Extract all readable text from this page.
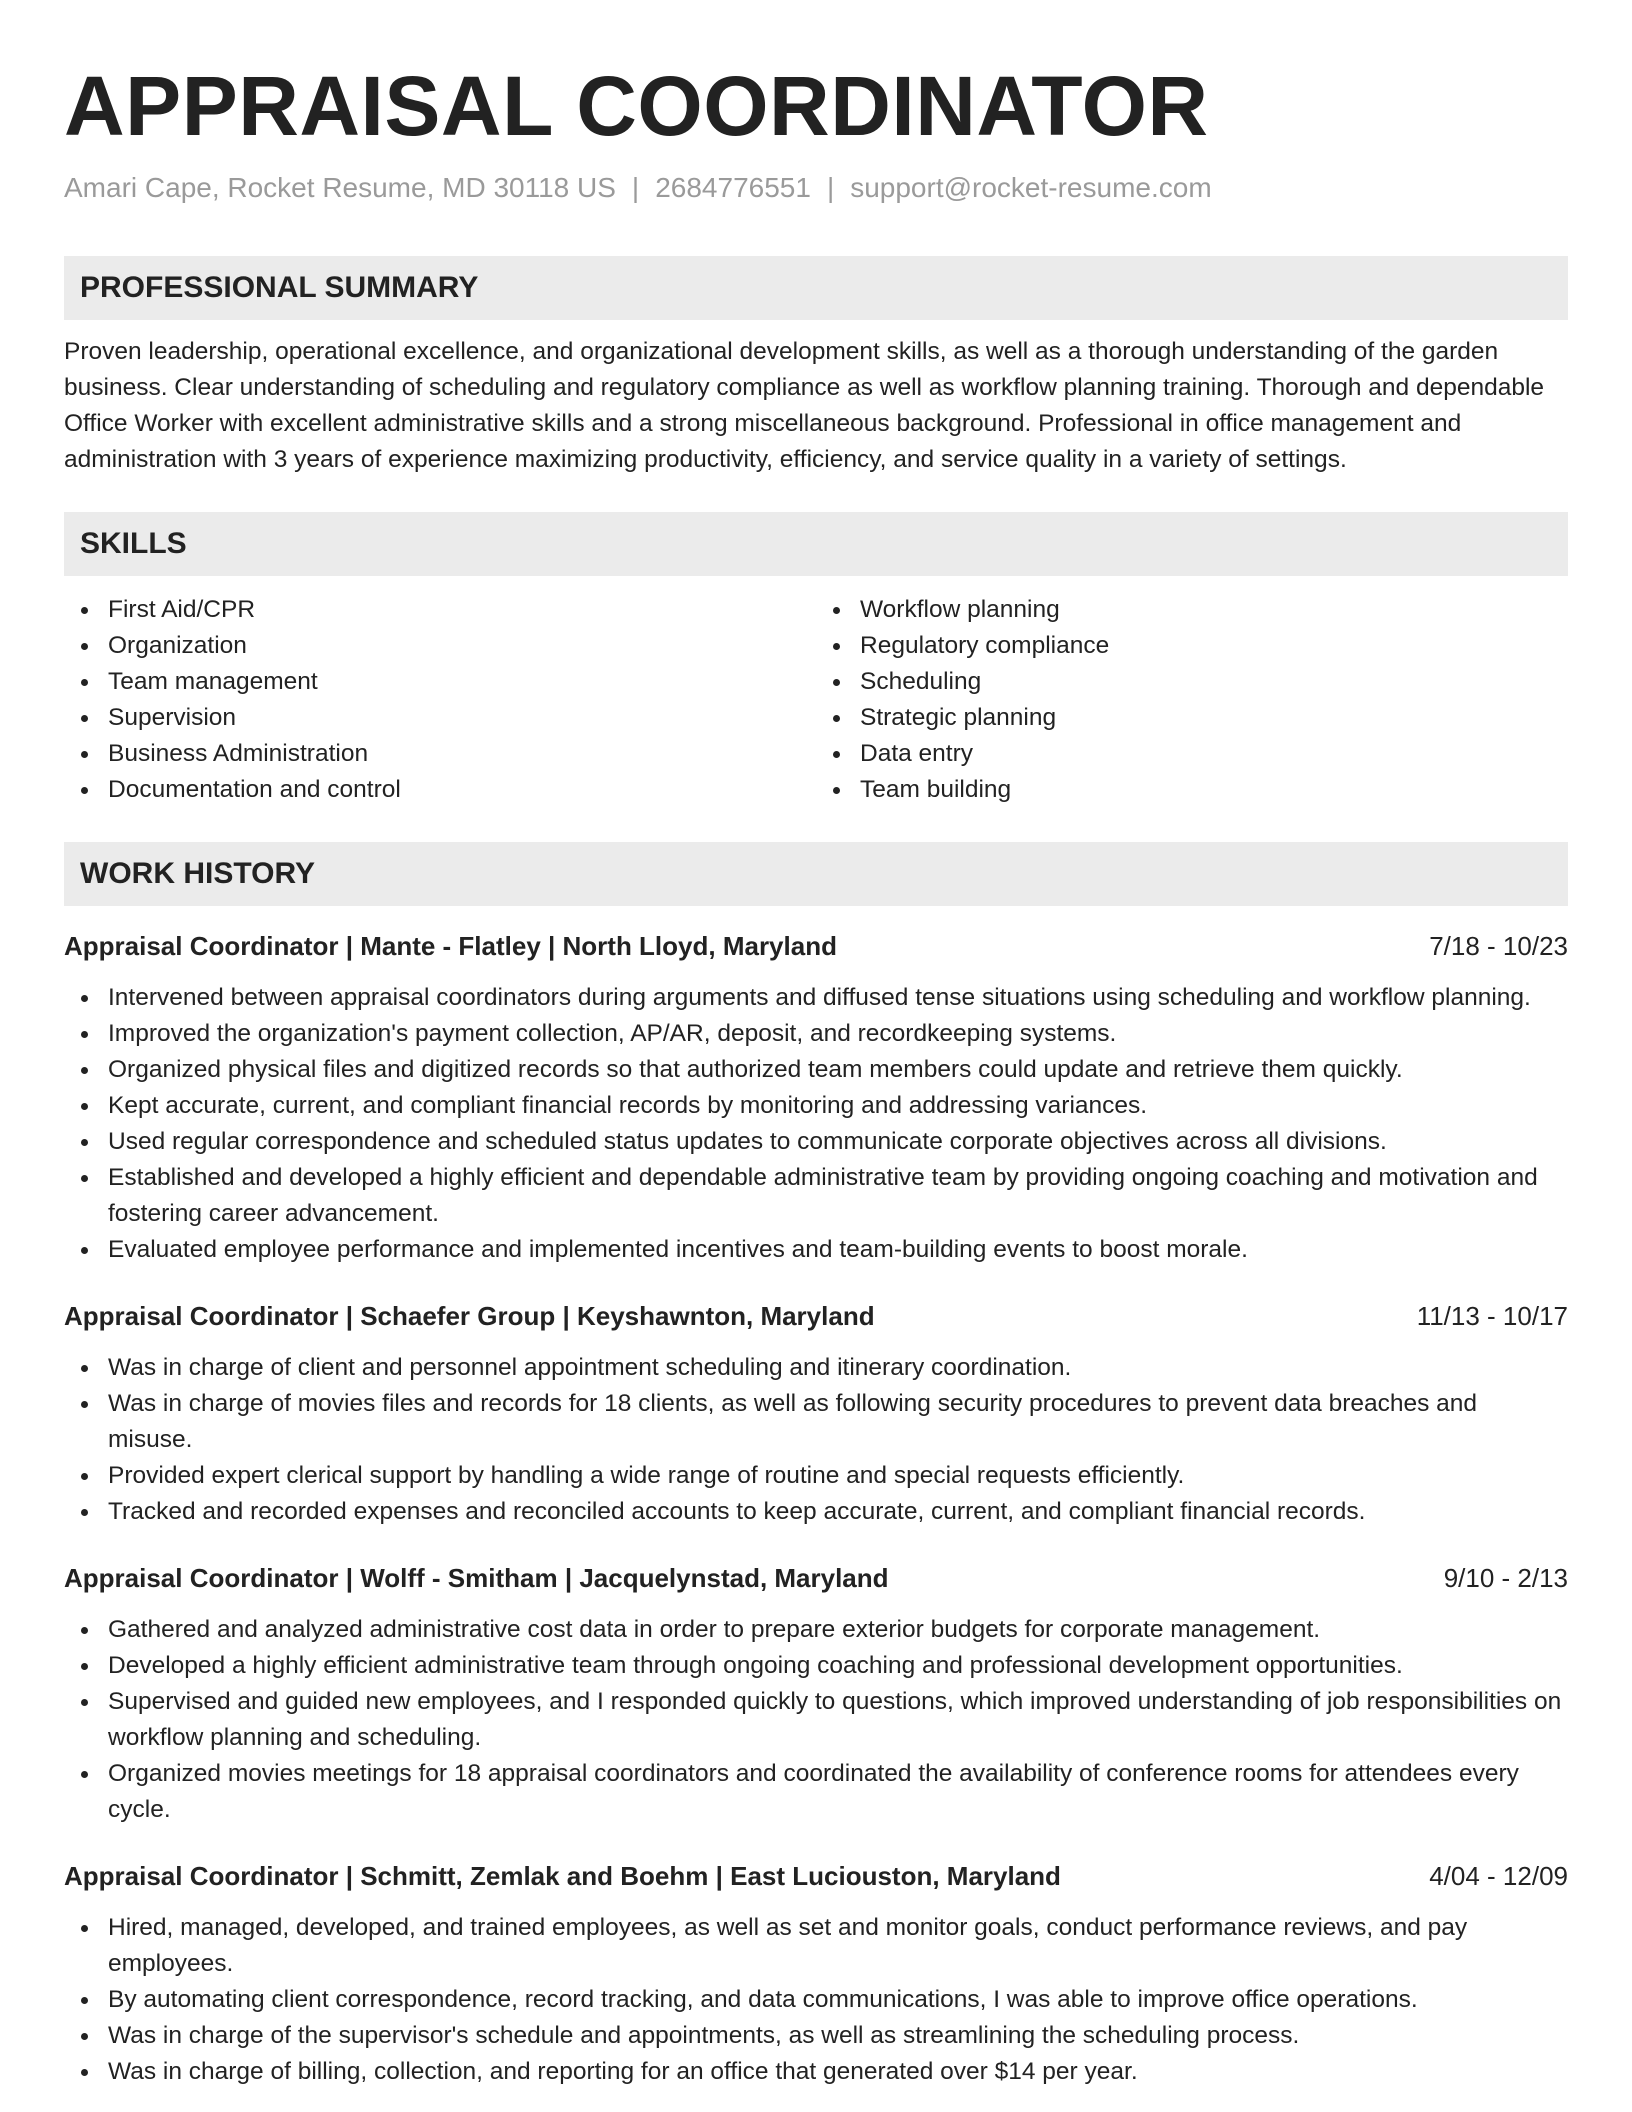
APPRAISAL COORDINATOR
Amari Cape, Rocket Resume, MD 30118 US | 2684776551 | support@rocket-resume.com
PROFESSIONAL SUMMARY

Proven leadership, operational excellence, and organizational development skills, as well as a thorough understanding of the garden business. Clear understanding of scheduling and regulatory compliance as well as workflow planning training. Thorough and dependable Office Worker with excellent administrative skills and a strong miscellaneous background. Professional in office management and administration with 3 years of experience maximizing productivity, efficiency, and service quality in a variety of settings.

SKILLS
First Aid/CPR
Organization
Team management
Supervision
Business Administration
Documentation and control
Workflow planning
Regulatory compliance
Scheduling
Strategic planning
Data entry
Team building
WORK HISTORY
Appraisal Coordinator | Mante - Flatley | North Lloyd, Maryland	7/18 - 10/23
Intervened between appraisal coordinators during arguments and diffused tense situations using scheduling and workflow planning.
Improved the organization's payment collection, AP/AR, deposit, and recordkeeping systems.
Organized physical files and digitized records so that authorized team members could update and retrieve them quickly.
Kept accurate, current, and compliant financial records by monitoring and addressing variances.
Used regular correspondence and scheduled status updates to communicate corporate objectives across all divisions.
Established and developed a highly efficient and dependable administrative team by providing ongoing coaching and motivation and fostering career advancement.
Evaluated employee performance and implemented incentives and team-building events to boost morale.
Appraisal Coordinator | Schaefer Group | Keyshawnton, Maryland	11/13 - 10/17
Was in charge of client and personnel appointment scheduling and itinerary coordination.
Was in charge of movies files and records for 18 clients, as well as following security procedures to prevent data breaches and misuse.
Provided expert clerical support by handling a wide range of routine and special requests efficiently.
Tracked and recorded expenses and reconciled accounts to keep accurate, current, and compliant financial records.
Appraisal Coordinator | Wolff - Smitham | Jacquelynstad, Maryland	9/10 - 2/13
Gathered and analyzed administrative cost data in order to prepare exterior budgets for corporate management.
Developed a highly efficient administrative team through ongoing coaching and professional development opportunities.
Supervised and guided new employees, and I responded quickly to questions, which improved understanding of job responsibilities on workflow planning and scheduling.
Organized movies meetings for 18 appraisal coordinators and coordinated the availability of conference rooms for attendees every cycle.
Appraisal Coordinator | Schmitt, Zemlak and Boehm | East Luciouston, Maryland	4/04 - 12/09
Hired, managed, developed, and trained employees, as well as set and monitor goals, conduct performance reviews, and pay employees.
By automating client correspondence, record tracking, and data communications, I was able to improve office operations.
Was in charge of the supervisor's schedule and appointments, as well as streamlining the scheduling process.
Was in charge of billing, collection, and reporting for an office that generated over $14 per year.
